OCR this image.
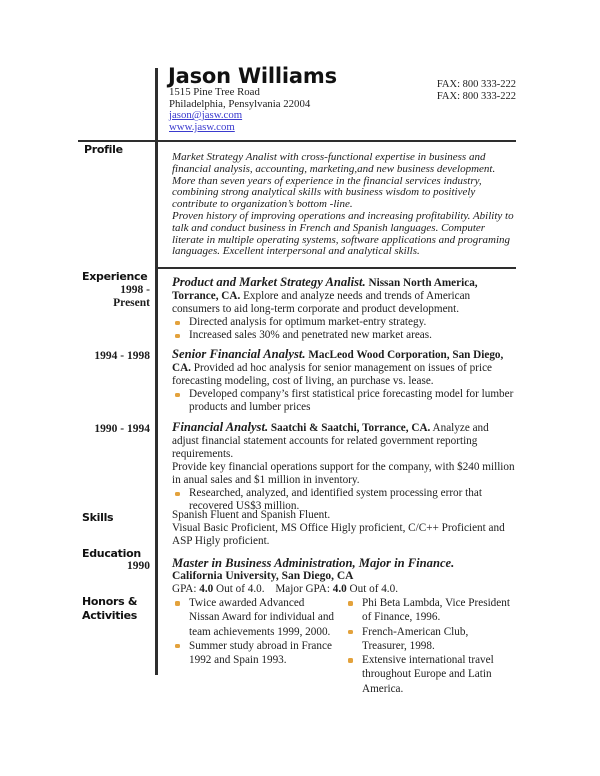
Jason Williams
1515 Pine Tree Road
Philadelphia, Pensylvania 22004
jason@jasw.com
www.jasw.com
FAX: 800 333-222
FAX: 800 333-222
Profile

Market Strategy Analist with cross-functional expertise in business and financial analysis, accounting, marketing,and new business development. More than seven years of experience in the financial services industry, combining strong analytical skills with business wisdom to positively contribute to organization’s bottom -line.

Proven history of improving operations and increasing profitability. Ability to talk and conduct business in French and Spanish languages. Computer literate in multiple operating systems, software applications and programing languages. Excellent interpersonal and analytical skills.

Experience
1998 -
Present

Product and Market Strategy Analist. Nissan North America, Torrance, CA. Explore and analyze needs and trends of American consumers to aid long-term corporate and product development.

Directed analysis for optimum market-entry strategy.
Increased sales 30% and penetrated new market areas.
1994 - 1998 Senior Financial Analyst. MacLeod Wood Corporation, San Diego, CA. Provided ad hoc analysis for senior management on issues of price forecasting modeling, cost of living, an purchase vs. lease.

Developed company’s first statistical price forecasting model for lumber products and lumber prices
1990 - 1994 Financial Analyst. Saatchi & Saatchi, Torrance, CA. Analyze and adjust financial statement accounts for related government reporting requirements.

Provide key financial operations support for the company, with $240 million in anual sales and $1 million in inventory.

Researched, analyzed, and identified system processing error that recovered US$3 million.
Skills	Spanish Fluent and Spanish Fluent.
Visual Basic Proficient, MS Office Higly proficient, C/C++ Proficient and ASP Higly proficient.
Education
1990 Master in Business Administration, Major in Finance.
California University, San Diego, CA
GPA: 4.0 Out of 4.0. Major GPA: 4.0 Out of 4.0.
Honors &
Activities
Twice awarded Advanced Nissan Award for individual and team achievements 1999, 2000.
Summer study abroad in France 1992 and Spain 1993.
Phi Beta Lambda, Vice President of Finance, 1996.
French-American Club, Treasurer, 1998.
Extensive international travel throughout Europe and Latin America.
